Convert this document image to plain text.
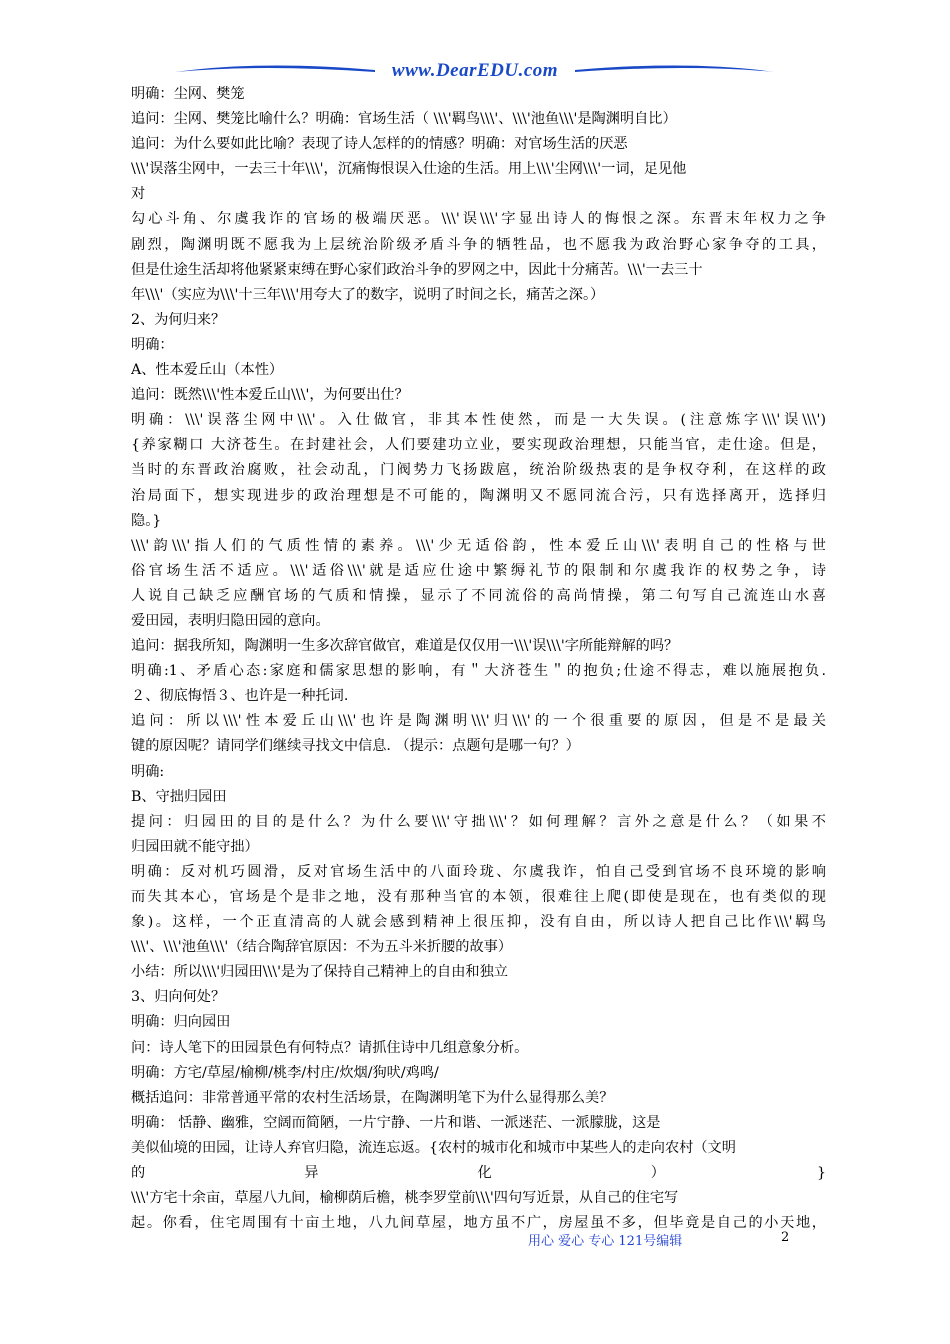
www.DearEDU.com

明确：尘网、樊笼

追问：尘网、樊笼比喻什么？明确：官场生活（ \\\'羁鸟\\\'、\\\'池鱼\\\'是陶渊明自比）

追问：为什么要如此比喻？表现了诗人怎样的的情感？明确：对官场生活的厌恶

\\\'误落尘网中，一去三十年\\\'，沉痛悔恨误入仕途的生活。用上\\\'尘网\\\'一词，足见他

对

勾心斗角、尔虞我诈的官场的极端厌恶。\\\'误\\\'字显出诗人的悔恨之深。东晋末年权力之争

剧烈，陶渊明既不愿我为上层统治阶级矛盾斗争的牺牲品，也不愿我为政治野心家争夺的工具，

但是仕途生活却将他紧紧束缚在野心家们政治斗争的罗网之中，因此十分痛苦。\\\'一去三十

年\\\'（实应为\\\'十三年\\\'用夸大了的数字，说明了时间之长，痛苦之深。）

2、为何归来？

明确：

A、性本爱丘山（本性）

追问：既然\\\'性本爱丘山\\\'，为何要出仕？

明确：\\\'误落尘网中\\\'。入仕做官，非其本性使然，而是一大失误。(注意炼字\\\'误\\\')

{养家糊口 大济苍生。在封建社会，人们要建功立业，要实现政治理想，只能当官，走仕途。但是，

当时的东晋政治腐败，社会动乱，门阀势力飞扬跋扈，统治阶级热衷的是争权夺利，在这样的政

治局面下，想实现进步的政治理想是不可能的，陶渊明又不愿同流合污，只有选择离开，选择归

隐。}

\\\'韵\\\'指人们的气质性情的素养。\\\'少无适俗韵，性本爱丘山\\\'表明自己的性格与世

俗官场生活不适应。\\\'适俗\\\'就是适应仕途中繁缛礼节的限制和尔虞我诈的权势之争，诗

人说自己缺乏应酬官场的气质和情操，显示了不同流俗的高尚情操，第二句写自己流连山水喜

爱田园，表明归隐田园的意向。

追问：据我所知，陶渊明一生多次辞官做官，难道是仅仅用一\\\'误\\\'字所能辩解的吗？

明确:1、矛盾心态:家庭和儒家思想的影响，有＂大济苍生＂的抱负;仕途不得志，难以施展抱负.

２、彻底悔悟３、也许是一种托词.

追问：所以\\\'性本爱丘山\\\'也许是陶渊明\\\'归\\\'的一个很重要的原因，但是不是最关

键的原因呢？请同学们继续寻找文中信息. （提示：点题句是哪一句？）

明确:

B、守拙归园田

提问：归园田的目的是什么？为什么要\\\'守拙\\\'？如何理解？言外之意是什么？（如果不

归园田就不能守拙）

明确：反对机巧圆滑，反对官场生活中的八面玲珑、尔虞我诈，怕自己受到官场不良环境的影响

而失其本心，官场是个是非之地，没有那种当官的本领，很难往上爬(即使是现在，也有类似的现

象)。这样，一个正直清高的人就会感到精神上很压抑，没有自由，所以诗人把自己比作\\\'羁鸟

\\\'、\\\'池鱼\\\'（结合陶辞官原因：不为五斗米折腰的故事）

小结：所以\\\'归园田\\\'是为了保持自己精神上的自由和独立

3、归向何处？

明确：归向园田

问：诗人笔下的田园景色有何特点？请抓住诗中几组意象分析。

明确：方宅/草屋/榆柳/桃李/村庄/炊烟/狗吠/鸡鸣/

概括追问：非常普通平常的农村生活场景，在陶渊明笔下为什么显得那么美？

明确： 恬静、幽雅，空阔而简陋，一片宁静、一片和谐、一派迷茫、一派朦胧，这是

美似仙境的田园，让诗人弃官归隐，流连忘返。{农村的城市化和城市中某些人的走向农村（文明

的异化）}

\\\'方宅十余亩，草屋八九间，榆柳荫后檐，桃李罗堂前\\\'四句写近景，从自己的住宅写

起。你看，住宅周围有十亩土地，八九间草屋，地方虽不广，房屋虽不多，但毕竟是自己的小天地，

用心 爱心 专心 121号编辑	2
